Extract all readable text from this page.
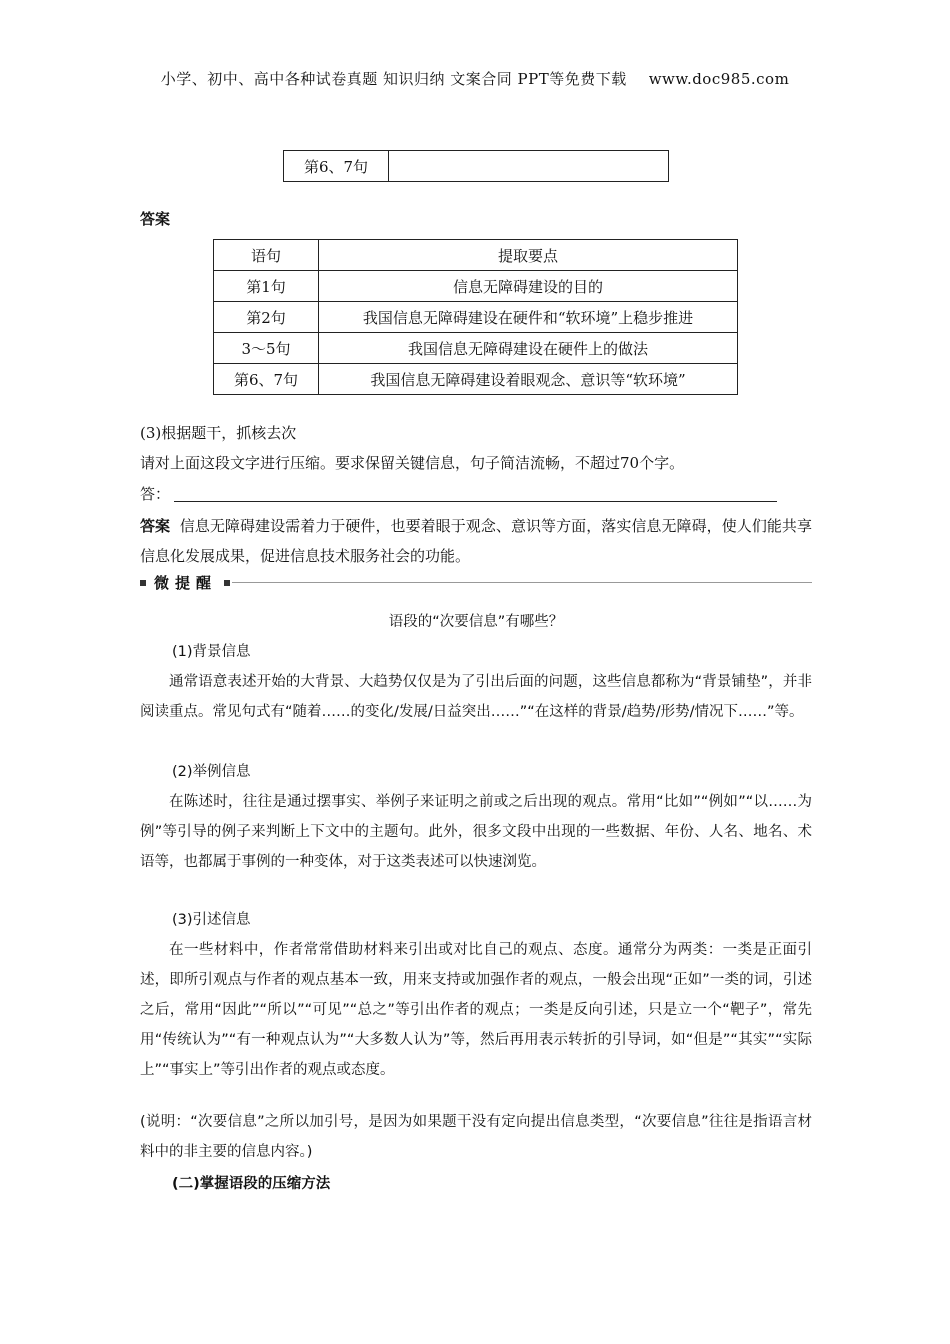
小学、初中、高中各种试卷真题 知识归纳 文案合同 PPT等免费下载 www.doc985.com
第6、7句	
答案
语句	提取要点
第1句	信息无障碍建设的目的
第2句	我国信息无障碍建设在硬件和“软环境”上稳步推进
3～5句	我国信息无障碍建设在硬件上的做法
第6、7句	我国信息无障碍建设着眼观念、意识等“软环境”
(3)根据题干，抓核去次
请对上面这段文字进行压缩。要求保留关键信息，句子简洁流畅，不超过70个字。
答：
答案 信息无障碍建设需着力于硬件，也要着眼于观念、意识等方面，落实信息无障碍，使人们能共享信息化发展成果，促进信息技术服务社会的功能。
微提醒
语段的“次要信息”有哪些？
(1)背景信息
通常语意表述开始的大背景、大趋势仅仅是为了引出后面的问题，这些信息都称为“背景铺垫”，并非阅读重点。常见句式有“随着……的变化/发展/日益突出……”“在这样的背景/趋势/形势/情况下……”等。
(2)举例信息
在陈述时，往往是通过摆事实、举例子来证明之前或之后出现的观点。常用“比如”“例如”“以……为例”等引导的例子来判断上下文中的主题句。此外，很多文段中出现的一些数据、年份、人名、地名、术语等，也都属于事例的一种变体，对于这类表述可以快速浏览。
(3)引述信息
在一些材料中，作者常常借助材料来引出或对比自己的观点、态度。通常分为两类：一类是正面引述，即所引观点与作者的观点基本一致，用来支持或加强作者的观点，一般会出现“正如”一类的词，引述之后，常用“因此”“所以”“可见”“总之”等引出作者的观点；一类是反向引述，只是立一个“靶子”，常先用“传统认为”“有一种观点认为”“大多数人认为”等，然后再用表示转折的引导词，如“但是”“其实”“实际上”“事实上”等引出作者的观点或态度。
(说明：“次要信息”之所以加引号，是因为如果题干没有定向提出信息类型，“次要信息”往往是指语言材料中的非主要的信息内容。)
(二)掌握语段的压缩方法
